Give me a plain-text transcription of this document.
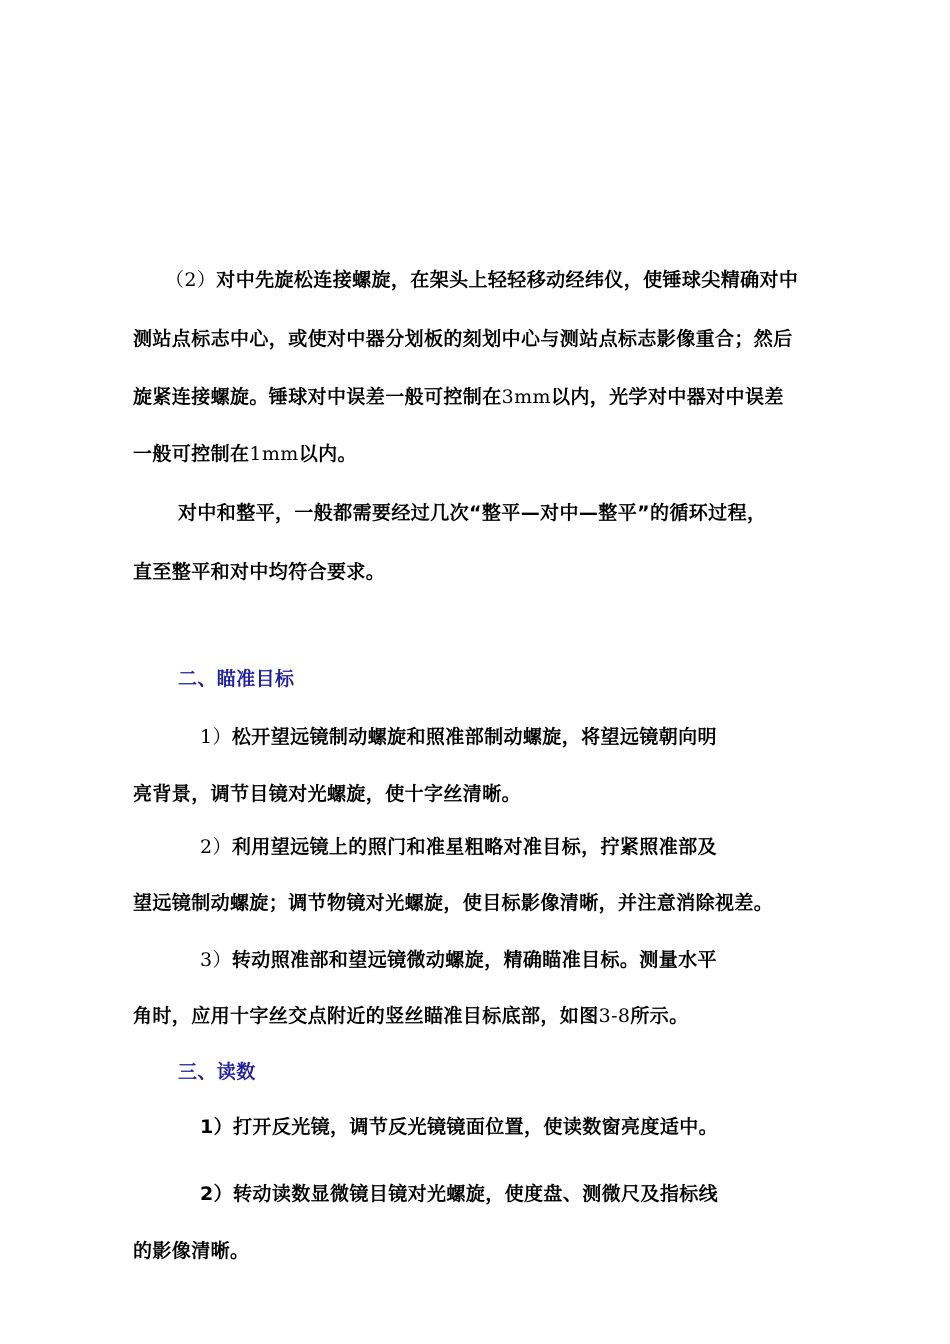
（2）对中先旋松连接螺旋，在架头上轻轻移动经纬仪，使锤球尖精确对中
测站点标志中心，或使对中器分划板的刻划中心与测站点标志影像重合；然后
旋紧连接螺旋。锤球对中误差一般可控制在3mm以内，光学对中器对中误差
一般可控制在1mm以内。
对中和整平，一般都需要经过几次“整平—对中—整平”的循环过程，
直至整平和对中均符合要求。
二、瞄准目标
1）松开望远镜制动螺旋和照准部制动螺旋，将望远镜朝向明
亮背景，调节目镜对光螺旋，使十字丝清晰。
2）利用望远镜上的照门和准星粗略对准目标，拧紧照准部及
望远镜制动螺旋；调节物镜对光螺旋，使目标影像清晰，并注意消除视差。
3）转动照准部和望远镜微动螺旋，精确瞄准目标。测量水平
角时，应用十字丝交点附近的竖丝瞄准目标底部，如图3-8所示。
三、读数
1）打开反光镜，调节反光镜镜面位置，使读数窗亮度适中。
2）转动读数显微镜目镜对光螺旋，使度盘、测微尺及指标线
的影像清晰。
